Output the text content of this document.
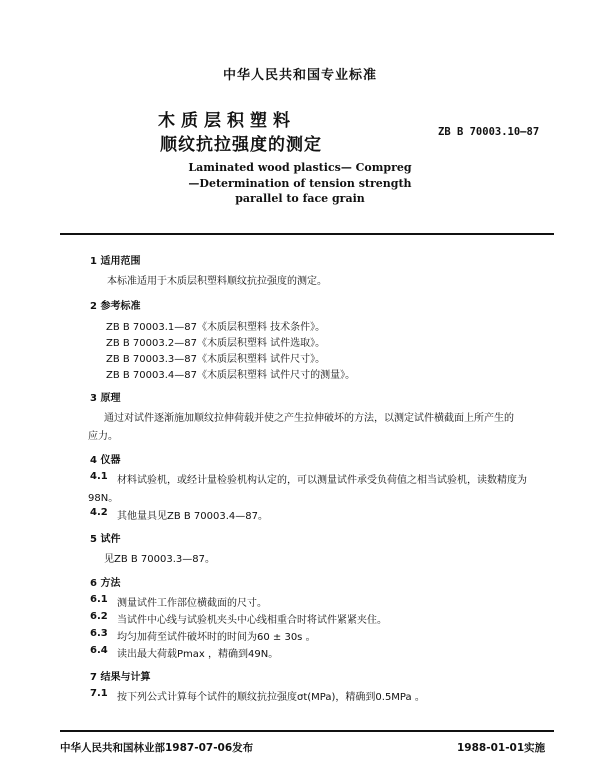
中华人民共和国专业标准
木质层积塑料
顺纹抗拉强度的测定
ZB B 70003.10—87
Laminated wood plastics— Compreg
—Determination of tension strength
parallel to face grain
1 适用范围
本标准适用于木质层积塑料顺纹抗拉强度的测定。
2 参考标准
ZB B 70003.1—87《木质层积塑料 技术条件》。
ZB B 70003.2—87《木质层积塑料 试件选取》。
ZB B 70003.3—87《木质层积塑料 试件尺寸》。
ZB B 70003.4—87《木质层积塑料 试件尺寸的测量》。
3 原理
通过对试件逐渐施加顺纹拉伸荷载并使之产生拉伸破坏的方法，以测定试件横截面上所产生的
应力。
4 仪器
4.1 材料试验机，或经计量检验机构认定的，可以测量试件承受负荷值之相当试验机，读数精度为
98N。
4.2 其他量具见ZB B 70003.4—87。
5 试件
见ZB B 70003.3—87。
6 方法
6.1 测量试件工作部位横截面的尺寸。
6.2 当试件中心线与试验机夹头中心线相重合时将试件紧紧夹住。
6.3 均匀加荷至试件破坏时的时间为60 ± 30s 。
6.4 读出最大荷载Pmax ，精确到49N。
7 结果与计算
7.1 按下列公式计算每个试件的顺纹抗拉强度σt(MPa)，精确到0.5MPa 。
中华人民共和国林业部1987-07-06发布	1988-01-01实施
